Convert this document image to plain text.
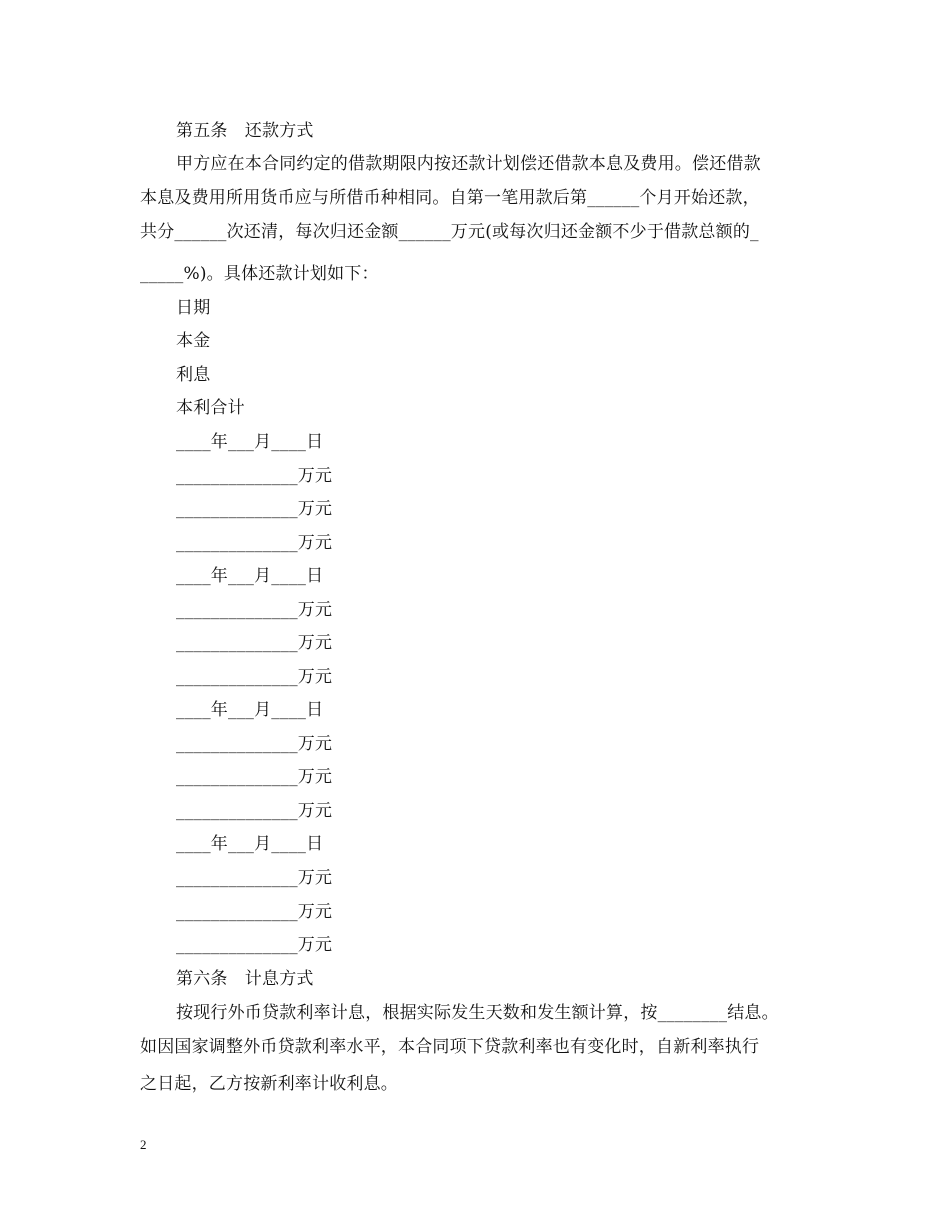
第五条　还款方式
甲方应在本合同约定的借款期限内按还款计划偿还借款本息及费用。偿还借款
本息及费用所用货币应与所借币种相同。自第一笔用款后第______个月开始还款，
共分______次还清，每次归还金额______万元(或每次归还金额不少于借款总额的_
_____%)。具体还款计划如下：
日期
本金
利息
本利合计
____年___月____日
______________万元
______________万元
______________万元
____年___月____日
______________万元
______________万元
______________万元
____年___月____日
______________万元
______________万元
______________万元
____年___月____日
______________万元
______________万元
______________万元
第六条　计息方式
按现行外币贷款利率计息，根据实际发生天数和发生额计算，按________结息。
如因国家调整外币贷款利率水平，本合同项下贷款利率也有变化时，自新利率执行
之日起，乙方按新利率计收利息。
2
